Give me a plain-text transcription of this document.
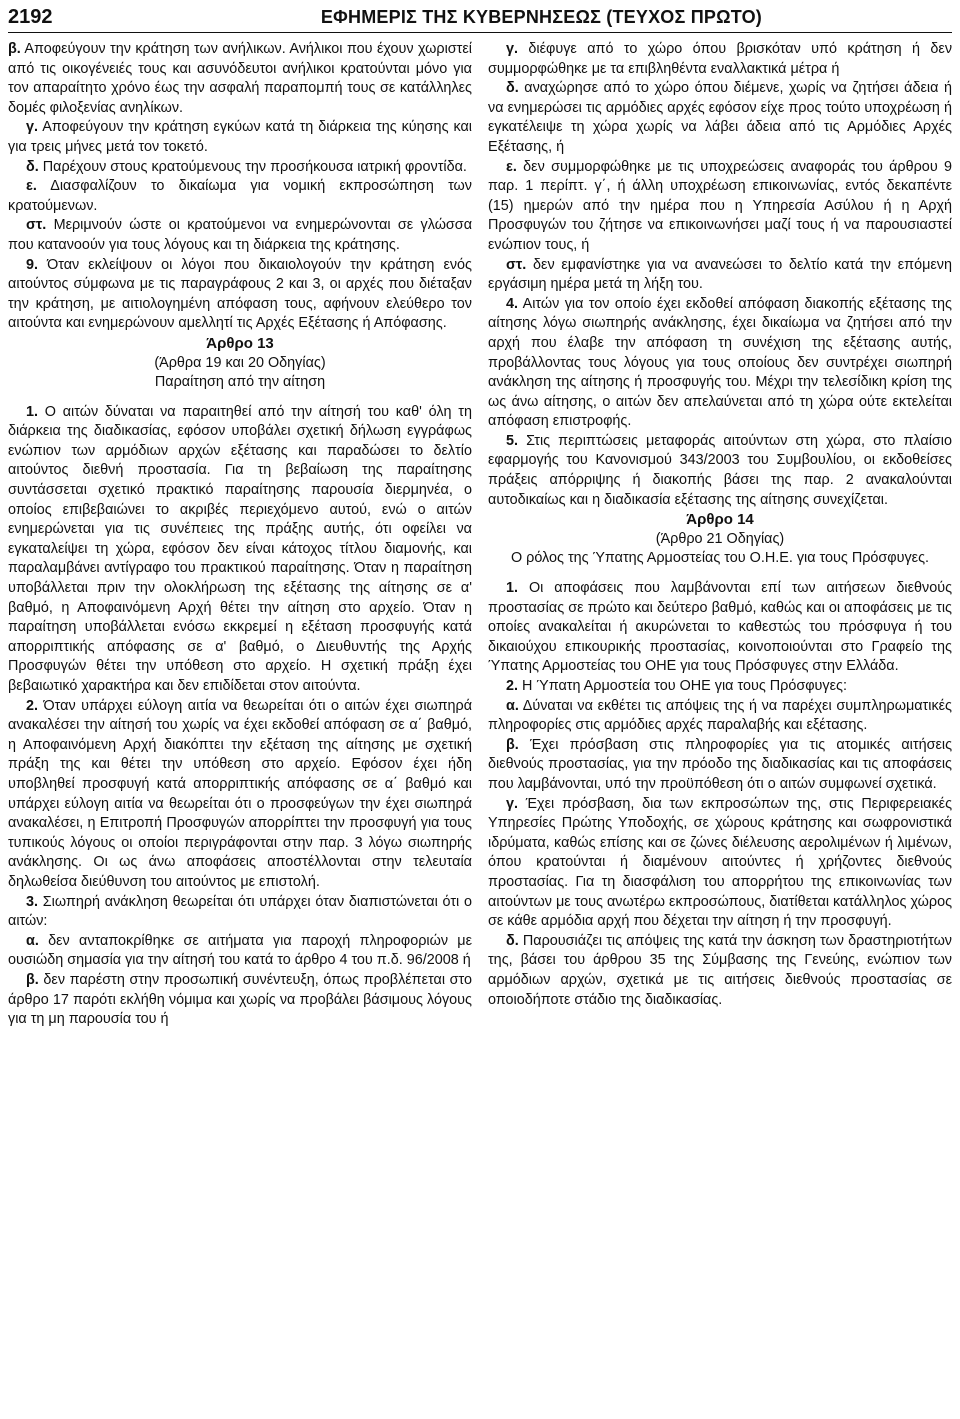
2192	ΕΦΗΜΕΡΙΣ ΤΗΣ ΚΥΒΕΡΝΗΣΕΩΣ (ΤΕΥΧΟΣ ΠΡΩΤΟ)

β. Αποφεύγουν την κράτηση των ανήλικων. Ανήλικοι που έχουν χωριστεί από τις οικογένειές τους και ασυνόδευτοι ανήλικοι κρατούνται μόνο για τον απαραίτητο χρόνο έως την ασφαλή παραπομπή τους σε κατάλληλες δομές φιλοξενίας ανηλίκων.

γ. Αποφεύγουν την κράτηση εγκύων κατά τη διάρκεια της κύησης και για τρεις μήνες μετά τον τοκετό.

δ. Παρέχουν στους κρατούμενους την προσήκουσα ιατρική φροντίδα.

ε. Διασφαλίζουν το δικαίωμα για νομική εκπροσώπηση των κρατούμενων.

στ. Μεριμνούν ώστε οι κρατούμενοι να ενημερώνονται σε γλώσσα που κατανοούν για τους λόγους και τη διάρκεια της κράτησης.

9. Όταν εκλείψουν οι λόγοι που δικαιολογούν την κράτηση ενός αιτούντος σύμφωνα με τις παραγράφους 2 και 3, οι αρχές που διέταξαν την κράτηση, με αιτιολογημένη απόφαση τους, αφήνουν ελεύθερο τον αιτούντα και ενημερώνουν αμελλητί τις Αρχές Εξέτασης ή Απόφασης.

Άρθρο 13

(Άρθρα 19 και 20 Οδηγίας)

Παραίτηση από την αίτηση

1. Ο αιτών δύναται να παραιτηθεί από την αίτησή του καθ' όλη τη διάρκεια της διαδικασίας, εφόσον υποβάλει σχετική δήλωση εγγράφως ενώπιον των αρμόδιων αρχών εξέτασης και παραδώσει το δελτίο αιτούντος διεθνή προστασία. Για τη βεβαίωση της παραίτησης συντάσσεται σχετικό πρακτικό παραίτησης παρουσία διερμηνέα, ο οποίος επιβεβαιώνει το ακριβές περιεχόμενο αυτού, ενώ ο αιτών ενημερώνεται για τις συνέπειες της πράξης αυτής, ότι οφείλει να εγκαταλείψει τη χώρα, εφόσον δεν είναι κάτοχος τίτλου διαμονής, και παραλαμβάνει αντίγραφο του πρακτικού παραίτησης. Όταν η παραίτηση υποβάλλεται πριν την ολοκλήρωση της εξέτασης της αίτησης σε α' βαθμό, η Αποφαινόμενη Αρχή θέτει την αίτηση στο αρχείο. Όταν η παραίτηση υποβάλλεται ενόσω εκκρεμεί η εξέταση προσφυγής κατά απορριπτικής απόφασης σε α' βαθμό, ο Διευθυντής της Αρχής Προσφυγών θέτει την υπόθεση στο αρχείο. Η σχετική πράξη έχει βεβαιωτικό χαρακτήρα και δεν επιδίδεται στον αιτούντα.

2. Όταν υπάρχει εύλογη αιτία να θεωρείται ότι ο αιτών έχει σιωπηρά ανακαλέσει την αίτησή του χωρίς να έχει εκδοθεί απόφαση σε α΄ βαθμό, η Αποφαινόμενη Αρχή διακόπτει την εξέταση της αίτησης με σχετική πράξη της και θέτει την υπόθεση στο αρχείο. Εφόσον έχει ήδη υποβληθεί προσφυγή κατά απορριπτικής απόφασης σε α΄ βαθμό και υπάρχει εύλογη αιτία να θεωρείται ότι ο προσφεύγων την έχει σιωπηρά ανακαλέσει, η Επιτροπή Προσφυγών απορρίπτει την προσφυγή για τους τυπικούς λόγους οι οποίοι περιγράφονται στην παρ. 3 λόγω σιωπηρής ανάκλησης. Οι ως άνω αποφάσεις αποστέλλονται στην τελευταία δηλωθείσα διεύθυνση του αιτούντος με επιστολή.

3. Σιωπηρή ανάκληση θεωρείται ότι υπάρχει όταν διαπιστώνεται ότι ο αιτών:

α. δεν ανταποκρίθηκε σε αιτήματα για παροχή πληροφοριών με ουσιώδη σημασία για την αίτησή του κατά το άρθρο 4 του π.δ. 96/2008 ή

β. δεν παρέστη στην προσωπική συνέντευξη, όπως προβλέπεται στο άρθρο 17 παρότι εκλήθη νόμιμα και χωρίς να προβάλει βάσιμους λόγους για τη μη παρουσία του ή

γ. διέφυγε από το χώρο όπου βρισκόταν υπό κράτηση ή δεν συμμορφώθηκε με τα επιβληθέντα εναλλακτικά μέτρα ή

δ. αναχώρησε από το χώρο όπου διέμενε, χωρίς να ζητήσει άδεια ή να ενημερώσει τις αρμόδιες αρχές εφόσον είχε προς τούτο υποχρέωση ή εγκατέλειψε τη χώρα χωρίς να λάβει άδεια από τις Αρμόδιες Αρχές Εξέτασης, ή

ε. δεν συμμορφώθηκε με τις υποχρεώσεις αναφοράς του άρθρου 9 παρ. 1 περίπτ. γ΄, ή άλλη υποχρέωση επικοινωνίας, εντός δεκαπέντε (15) ημερών από την ημέρα που η Υπηρεσία Ασύλου ή η Αρχή Προσφυγών του ζήτησε να επικοινωνήσει μαζί τους ή να παρουσιαστεί ενώπιον τους, ή

στ. δεν εμφανίστηκε για να ανανεώσει το δελτίο κατά την επόμενη εργάσιμη ημέρα μετά τη λήξη του.

4. Αιτών για τον οποίο έχει εκδοθεί απόφαση διακοπής εξέτασης της αίτησης λόγω σιωπηρής ανάκλησης, έχει δικαίωμα να ζητήσει από την αρχή που έλαβε την απόφαση τη συνέχιση της εξέτασης αυτής, προβάλλοντας τους λόγους για τους οποίους δεν συντρέχει σιωπηρή ανάκληση της αίτησης ή προσφυγής του. Μέχρι την τελεσίδικη κρίση της ως άνω αίτησης, ο αιτών δεν απελαύνεται από τη χώρα ούτε εκτελείται απόφαση επιστροφής.

5. Στις περιπτώσεις μεταφοράς αιτούντων στη χώρα, στο πλαίσιο εφαρμογής του Κανονισμού 343/2003 του Συμβουλίου, οι εκδοθείσες πράξεις απόρριψης ή διακοπής βάσει της παρ. 2 ανακαλούνται αυτοδικαίως και η διαδικασία εξέτασης της αίτησης συνεχίζεται.

Άρθρο 14

(Άρθρο 21 Οδηγίας)

Ο ρόλος της Ύπατης Αρμοστείας του Ο.Η.Ε. για τους Πρόσφυγες.

1. Οι αποφάσεις που λαμβάνονται επί των αιτήσεων διεθνούς προστασίας σε πρώτο και δεύτερο βαθμό, καθώς και οι αποφάσεις με τις οποίες ανακαλείται ή ακυρώνεται το καθεστώς του πρόσφυγα ή του δικαιούχου επικουρικής προστασίας, κοινοποιούνται στο Γραφείο της Ύπατης Αρμοστείας του ΟΗΕ για τους Πρόσφυγες στην Ελλάδα.

2. Η Ύπατη Αρμοστεία του ΟΗΕ για τους Πρόσφυγες:

α. Δύναται να εκθέτει τις απόψεις της ή να παρέχει συμπληρωματικές πληροφορίες στις αρμόδιες αρχές παραλαβής και εξέτασης.

β. Έχει πρόσβαση στις πληροφορίες για τις ατομικές αιτήσεις διεθνούς προστασίας, για την πρόοδο της διαδικασίας και τις αποφάσεις που λαμβάνονται, υπό την προϋπόθεση ότι ο αιτών συμφωνεί σχετικά.

γ. Έχει πρόσβαση, δια των εκπροσώπων της, στις Περιφερειακές Υπηρεσίες Πρώτης Υποδοχής, σε χώρους κράτησης και σωφρονιστικά ιδρύματα, καθώς επίσης και σε ζώνες διέλευσης αερολιμένων ή λιμένων, όπου κρατούνται ή διαμένουν αιτούντες ή χρήζοντες διεθνούς προστασίας. Για τη διασφάλιση του απορρήτου της επικοινωνίας των αιτούντων με τους ανωτέρω εκπροσώπους, διατίθεται κατάλληλος χώρος σε κάθε αρμόδια αρχή που δέχεται την αίτηση ή την προσφυγή.

δ. Παρουσιάζει τις απόψεις της κατά την άσκηση των δραστηριοτήτων της, βάσει του άρθρου 35 της Σύμβασης της Γενεύης, ενώπιον των αρμόδιων αρχών, σχετικά με τις αιτήσεις διεθνούς προστασίας σε οποιοδήποτε στάδιο της διαδικασίας.
